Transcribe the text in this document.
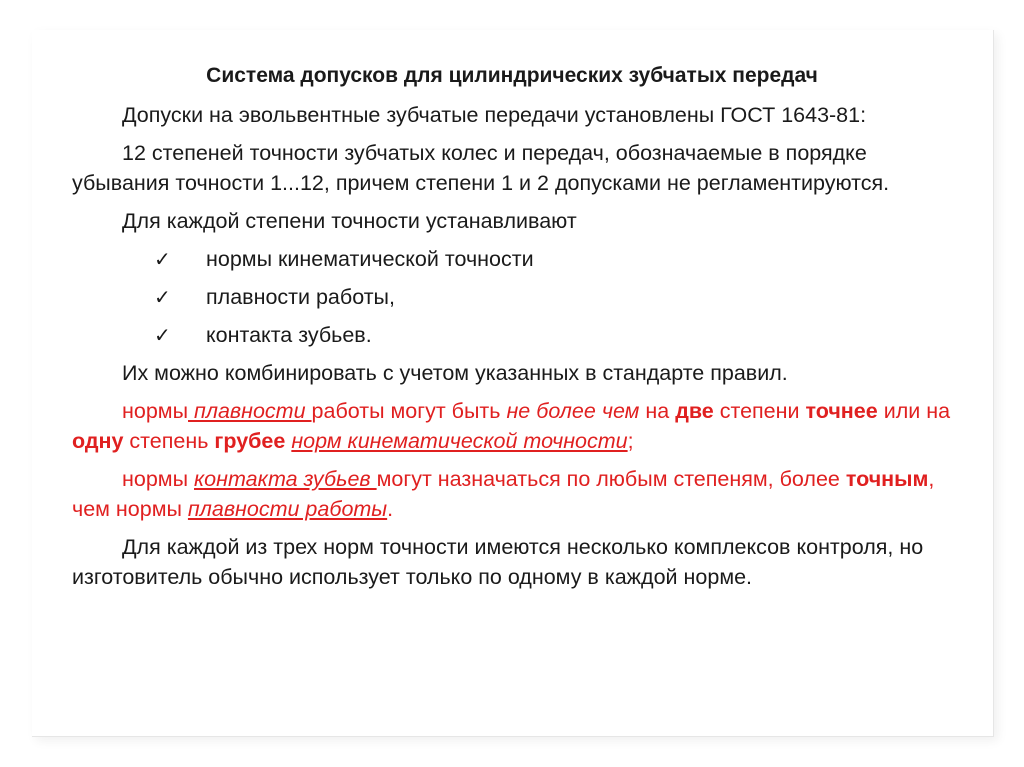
Система допусков для цилиндрических зубчатых передач

Допуски на эвольвентные зубчатые передачи установлены ГОСТ 1643-81:

12 степеней точности зубчатых колес и передач, обозначаемые в порядке убывания точности 1...12, причем степени 1 и 2 допусками не регламентируются.

Для каждой степени точности устанавливают

✓ нормы кинематической точности
✓ плавности работы,
✓ контакта зубьев.

Их можно комбинировать с учетом указанных в стандарте правил.

нормы плавности работы могут быть не более чем на две степени точнее или на одну степень грубее норм кинематической точности;

нормы контакта зубьев могут назначаться по любым степеням, более точным, чем нормы плавности работы.

Для каждой из трех норм точности имеются несколько комплексов контроля, но изготовитель обычно использует только по одному в каждой норме.
